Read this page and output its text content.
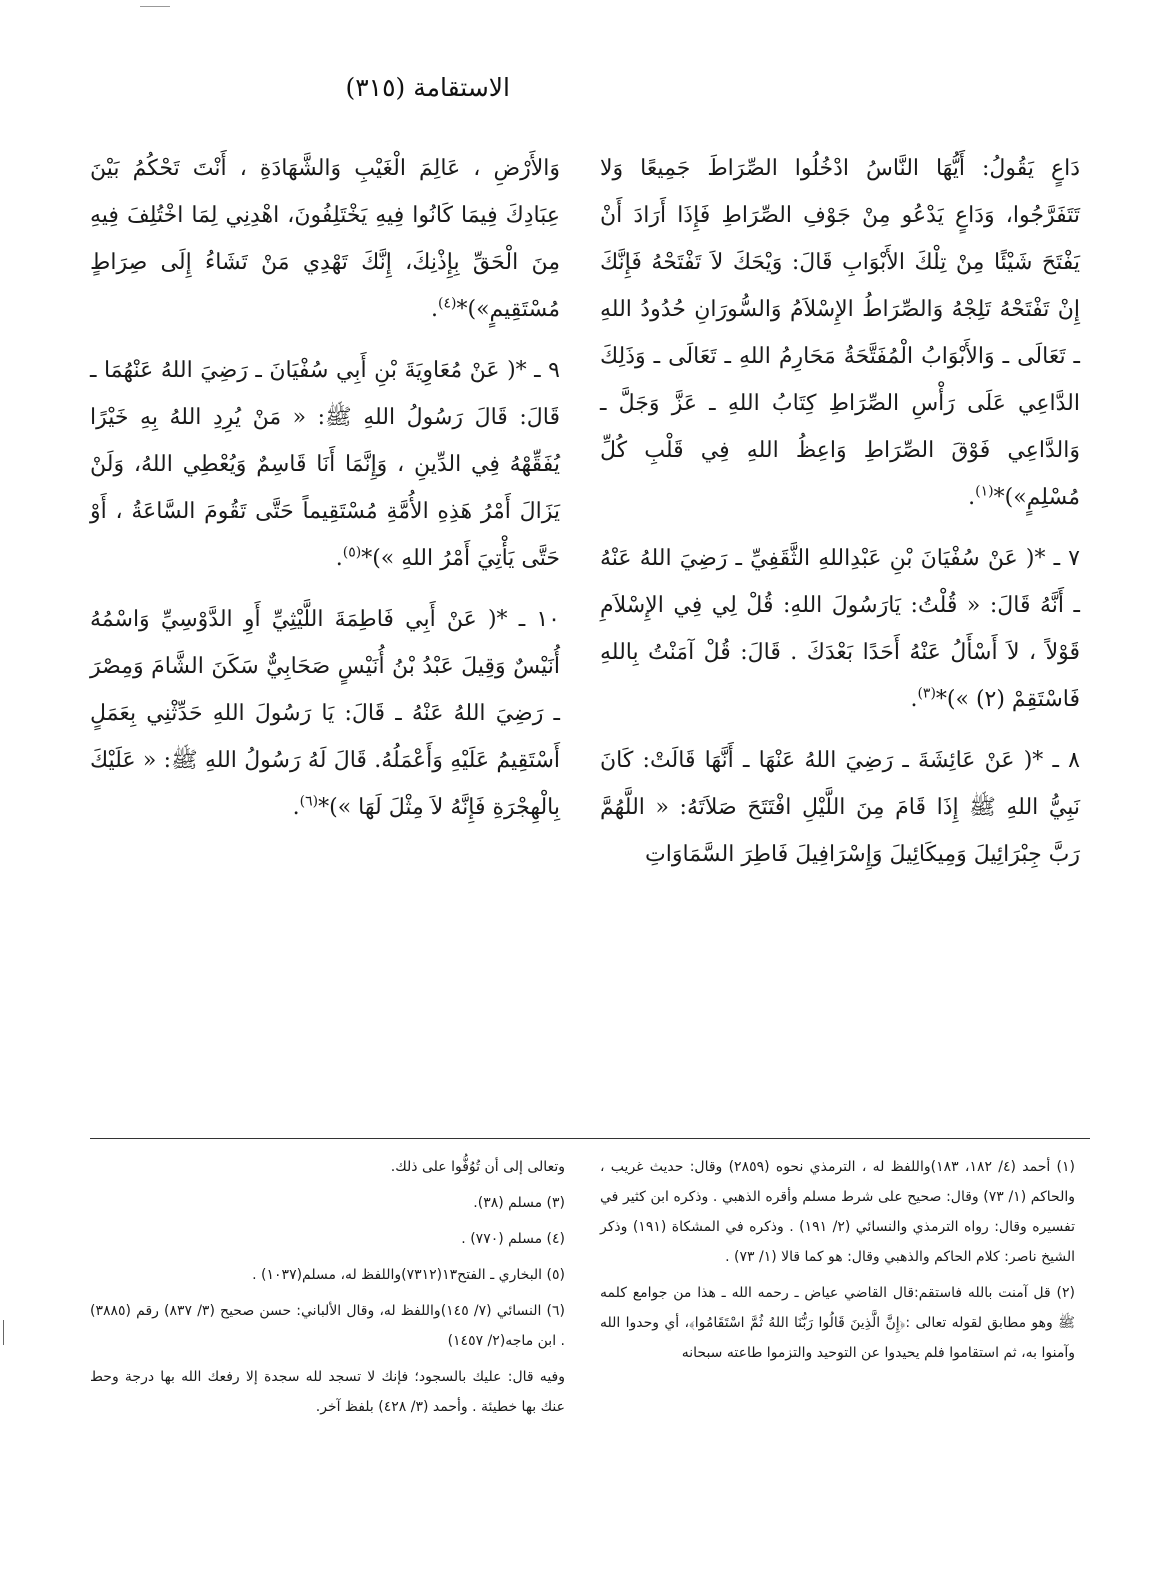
الاستقامة (٣١٥)

دَاعٍ يَقُولُ: أَيُّهَا النَّاسُ ادْخُلُوا الصِّرَاطَ جَمِيعًا وَلا تَتَفَرَّجُوا، وَدَاعٍ يَدْعُو مِنْ جَوْفِ الصِّرَاطِ فَإِذَا أَرَادَ أَنْ يَفْتَحَ شَيْئًا مِنْ تِلْكَ الأَبْوَابِ قَالَ: وَيْحَكَ لاَ تَفْتَحْهُ فَإِنَّكَ إِنْ تَفْتَحْهُ تَلِجْهُ وَالصِّرَاطُ الإِسْلاَمُ وَالسُّورَانِ حُدُودُ اللهِ ـ تَعَالَى ـ وَالأَبْوَابُ الْمُفَتَّحَةُ مَحَارِمُ اللهِ ـ تَعَالَى ـ وَذَلِكَ الدَّاعِي عَلَى رَأْسِ الصِّرَاطِ كِتَابُ اللهِ ـ عَزَّ وَجَلَّ ـ وَالدَّاعِي فَوْقَ الصِّرَاطِ وَاعِظُ اللهِ فِي قَلْبِ كُلِّ مُسْلِمٍ»)*$^{(١)}$.

٧ ـ *( عَنْ سُفْيَانَ بْنِ عَبْدِاللهِ الثَّقَفِيِّ ـ رَضِيَ اللهُ عَنْهُ ـ أَنَّهُ قَالَ: « قُلْتُ: يَارَسُولَ اللهِ: قُلْ لِي فِي الإِسْلاَمِ قَوْلاً ، لاَ أَسْأَلُ عَنْهُ أَحَدًا بَعْدَكَ . قَالَ: قُلْ آمَنْتُ بِاللهِ فَاسْتَقِمْ (٢) »)*$^{(٣)}$.

٨ ـ *( عَنْ عَائِشَةَ ـ رَضِيَ اللهُ عَنْهَا ـ أَنَّهَا قَالَتْ: كَانَ نَبِيُّ اللهِ ﷺ إِذَا قَامَ مِنَ اللَّيْلِ افْتَتَحَ صَلاَتَهُ: « اللَّهُمَّ رَبَّ جِبْرَائِيلَ وَمِيكَائِيلَ وَإِسْرَافِيلَ فَاطِرَ السَّمَاوَاتِ

وَالأَرْضِ ، عَالِمَ الْغَيْبِ وَالشَّهَادَةِ ، أَنْتَ تَحْكُمُ بَيْنَ عِبَادِكَ فِيمَا كَانُوا فِيهِ يَخْتَلِفُونَ، اهْدِنِي لِمَا اخْتُلِفَ فِيهِ مِنَ الْحَقِّ بِإِذْنِكَ، إِنَّكَ تَهْدِي مَنْ تَشَاءُ إِلَى صِرَاطٍ مُسْتَقِيمٍ»)*$^{(٤)}$.

٩ ـ *( عَنْ مُعَاوِيَةَ بْنِ أَبِي سُفْيَانَ ـ رَضِيَ اللهُ عَنْهُمَا ـ قَالَ: قَالَ رَسُولُ اللهِ ﷺ: « مَنْ يُرِدِ اللهُ بِهِ خَيْرًا يُفَقِّهْهُ فِي الدِّينِ ، وَإِنَّمَا أَنَا قَاسِمٌ وَيُعْطِي اللهُ، وَلَنْ يَزَالَ أَمْرُ هَذِهِ الأُمَّةِ مُسْتَقِيماً حَتَّى تَقُومَ السَّاعَةُ ، أَوْ حَتَّى يَأْتِيَ أَمْرُ اللهِ »)*$^{(٥)}$.

١٠ ـ *( عَنْ أَبِي فَاطِمَةَ اللَّيْثِيِّ أَوِ الدَّوْسِيِّ وَاسْمُهُ أُنَيْسٌ وَقِيلَ عَبْدُ بْنُ أُنَيْسٍ صَحَابِيٌّ سَكَنَ الشَّامَ وَمِصْرَ ـ رَضِيَ اللهُ عَنْهُ ـ قَالَ: يَا رَسُولَ اللهِ حَدِّثْنِي بِعَمَلٍ أَسْتَقِيمُ عَلَيْهِ وَأَعْمَلُهُ. قَالَ لَهُ رَسُولُ اللهِ ﷺ: « عَلَيْكَ بِالْهِجْرَةِ فَإِنَّهُ لاَ مِثْلَ لَهَا »)*$^{(٦)}$.

(١) أحمد (٤/ ١٨٢، ١٨٣)واللفظ له ، الترمذي نحوه (٢٨٥٩) وقال: حديث غريب ، والحاكم (١/ ٧٣) وقال: صحيح على شرط مسلم وأقره الذهبي . وذكره ابن كثير في تفسيره وقال: رواه الترمذي والنسائي (٢/ ١٩١) . وذكره في المشكاة (١٩١) وذكر الشيخ ناصر: كلام الحاكم والذهبي وقال: هو كما قالا (١/ ٧٣) .

(٢) قل آمنت بالله فاستقم:قال القاضي عياض ـ رحمه الله ـ هذا من جوامع كلمه ﷺ وهو مطابق لقوله تعالى :﴿إِنَّ الَّذِينَ قَالُوا رَبُّنَا اللهُ ثُمَّ اسْتَقَامُوا﴾، أي وحدوا الله وآمنوا به، ثم استقاموا فلم يحيدوا عن التوحيد والتزموا طاعته سبحانه

وتعالى إلى أن تُوُفُّوا على ذلك.

(٣) مسلم (٣٨).

(٤) مسلم (٧٧٠) .

(٥) البخاري ـ الفتح١٣(٧٣١٢)واللفظ له، مسلم(١٠٣٧) .

(٦) النسائي (٧/ ١٤٥)واللفظ له، وقال الألباني: حسن صحيح (٣/ ٨٣٧) رقم (٣٨٨٥) . ابن ماجه(٢/ ١٤٥٧)

وفيه قال: عليك بالسجود؛ فإنك لا تسجد لله سجدة إلا رفعك الله بها درجة وحط عنك بها خطيئة . وأحمد (٣/ ٤٢٨) بلفظ آخر.
